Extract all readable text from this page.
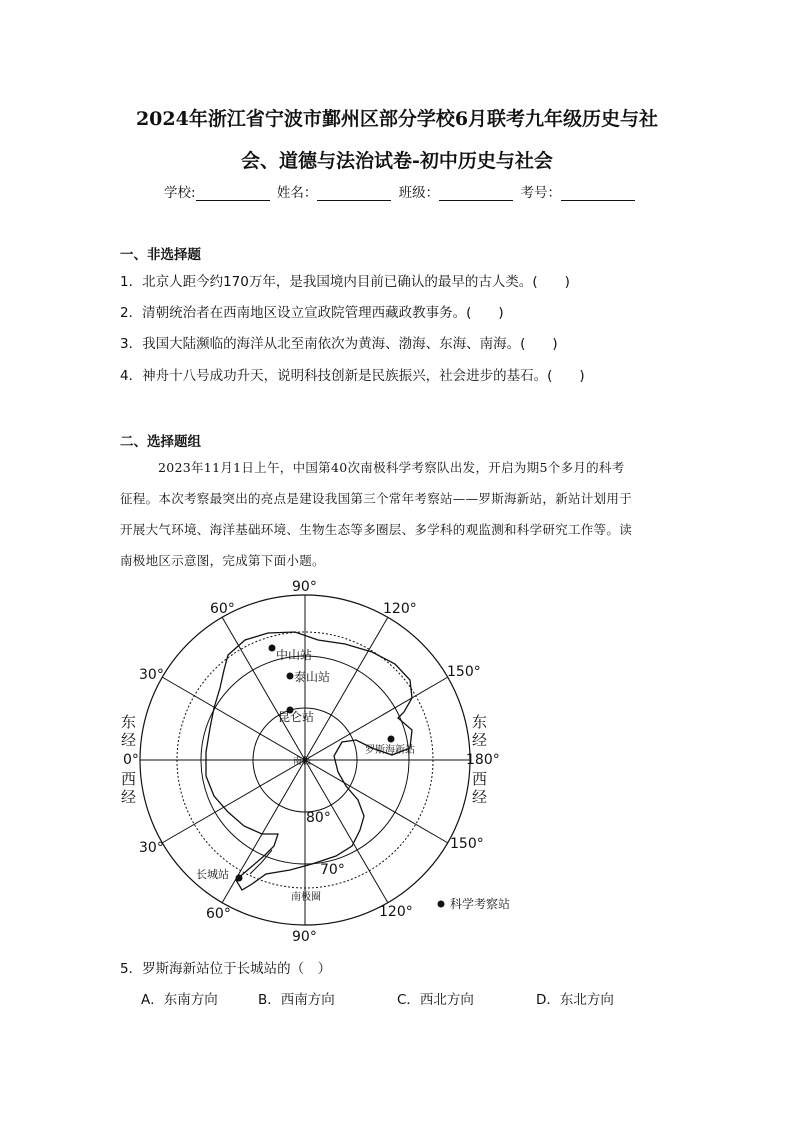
2024年浙江省宁波市鄞州区部分学校6月联考九年级历史与社
会、道德与法治试卷-初中历史与社会
学校:	姓名：	班级：	考号：
一、非选择题
1．北京人距今约170万年，是我国境内目前已确认的最早的古人类。(　　)
2．清朝统治者在西南地区设立宣政院管理西藏政教事务。(　　)
3．我国大陆濒临的海洋从北至南依次为黄海、渤海、东海、南海。(　　)
4．神舟十八号成功升天，说明科技创新是民族振兴，社会进步的基石。(　　)
二、选择题组
2023年11月1日上午，中国第40次南极科学考察队出发，开启为期5个多月的科考
征程。本次考察最突出的亮点是建设我国第三个常年考察站——罗斯海新站，新站计划用于
开展大气环境、海洋基础环境、生物生态等多圈层、多学科的观监测和科学研究工作等。读
南极地区示意图，完成第下面小题。
90°
90°
60°	120°
30°	150°
东
经
0°
西
经
东
经
180°
西
经
30°	150°
60°	120°
80°
70°
南极
南极圈
中山站
泰山站
昆仑站
罗斯海新站
长城站
科学考察站
5．罗斯海新站位于长城站的（　）
A．东南方向	B．西南方向	C．西北方向	D．东北方向
